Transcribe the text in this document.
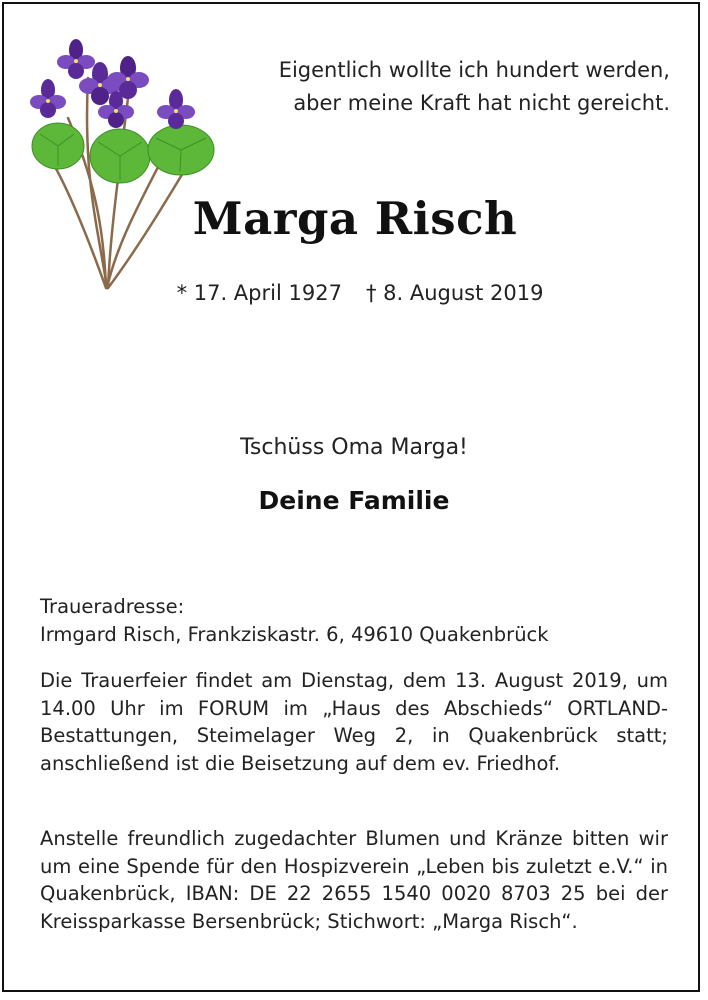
Eigentlich wollte ich hundert werden,
aber meine Kraft hat nicht gereicht.
Marga Risch
* 17. April 1927 † 8. August 2019
Tschüss Oma Marga!
Deine Familie
Traueradresse:
Irmgard Risch, Frankziskastr. 6, 49610 Quakenbrück
Die Trauerfeier findet am Dienstag, dem 13. August 2019, um 14.00 Uhr im FORUM im „Haus des Abschieds“ ORTLAND-Bestattungen, Steimelager Weg 2, in Quakenbrück statt; anschließend ist die Beisetzung auf dem ev. Friedhof.
Anstelle freundlich zugedachter Blumen und Kränze bitten wir um eine Spende für den Hospizverein „Leben bis zuletzt e.V.“ in Quakenbrück, IBAN: DE 22 2655 1540 0020 8703 25 bei der Kreissparkasse Bersenbrück; Stichwort: „Marga Risch“.
